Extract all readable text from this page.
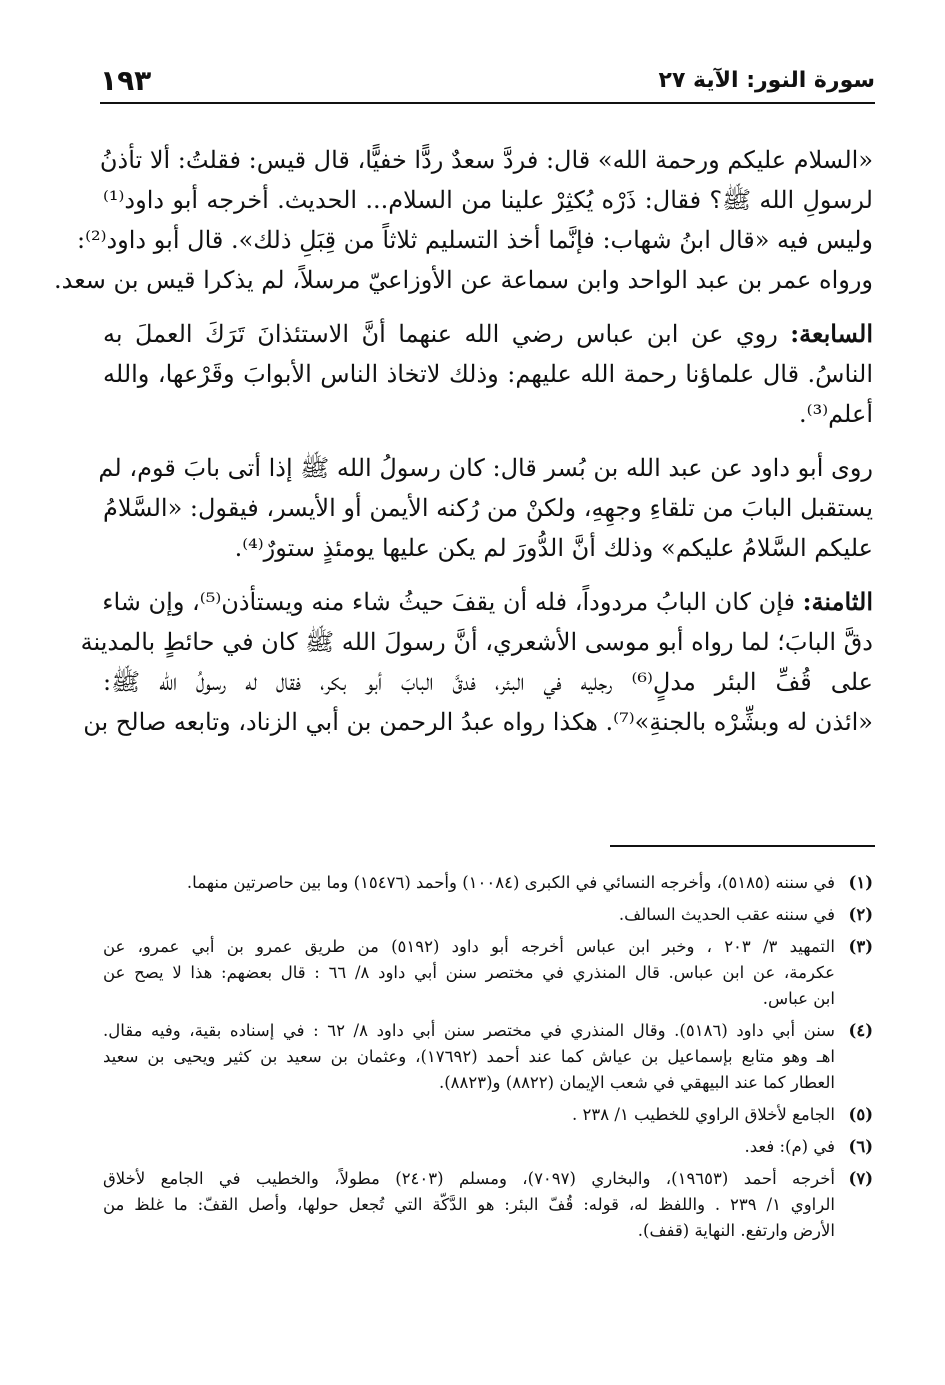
سورة النور: الآية ٢٧
١٩٣
«السلام عليكم ورحمة الله» قال: فردَّ سعدٌ ردًّا خفيًّا، قال قيس: فقلتُ: ألا تأذنُ
لرسولِ الله ﷺ؟ فقال: ذَرْه يُكثِرْ علينا من السلام... الحديث. أخرجه أبو داود⁽¹⁾
وليس فيه «قال ابنُ شهاب: فإنَّما أخذ التسليم ثلاثاً من قِبَلِ ذلك». قال أبو داود⁽²⁾:
ورواه عمر بن عبد الواحد وابن سماعة عن الأوزاعيّ مرسلاً، لم يذكرا قيس بن سعد.
السابعة: روي عن ابن عباس رضي الله عنهما أنَّ الاستئذانَ تَرَكَ العملَ به
الناسُ. قال علماؤنا رحمة الله عليهم: وذلك لاتخاذ الناس الأبوابَ وقَرْعها، والله
أعلم⁽³⁾.
روى أبو داود عن عبد الله بن بُسر قال: كان رسولُ الله ﷺ إذا أتى بابَ قوم، لم
يستقبل البابَ من تلقاءِ وجهِهِ، ولكنْ من رُكنه الأيمن أو الأيسر، فيقول: «السَّلامُ
عليكم السَّلامُ عليكم» وذلك أنَّ الدُّورَ لم يكن عليها يومئذٍ ستورٌ⁽⁴⁾.
الثامنة: فإن كان البابُ مردوداً، فله أن يقفَ حيثُ شاء منه ويستأذن⁽⁵⁾، وإن شاء
دقَّ البابَ؛ لما رواه أبو موسى الأشعري، أنَّ رسولَ الله ﷺ كان في حائطٍ بالمدينة
على قُفِّ البئر مدلٍ⁽⁶⁾ رجليه في البئر، فدقَّ البابَ أبو بكر، فقال له رسولُ الله ﷺ:
«ائذن له وبشِّرْه بالجنةِ»⁽⁷⁾. هكذا رواه عبدُ الرحمن بن أبي الزناد، وتابعه صالح بن
(١)
في سننه (٥١٨٥)، وأخرجه النسائي في الكبرى (١٠٠٨٤) وأحمد (١٥٤٧٦) وما بين حاصرتين منهما.
(٢)
في سننه عقب الحديث السالف.
(٣)
التمهيد ٣/ ٢٠٣ ، وخبر ابن عباس أخرجه أبو داود (٥١٩٢) من طريق عمرو بن أبي عمرو، عن
عكرمة، عن ابن عباس. قال المنذري في مختصر سنن أبي داود ٨/ ٦٦ : قال بعضهم: هذا لا يصح عن
ابن عباس.
(٤)
سنن أبي داود (٥١٨٦). وقال المنذري في مختصر سنن أبي داود ٨/ ٦٢ : في إسناده بقية، وفيه مقال.
اهـ وهو متابع بإسماعيل بن عياش كما عند أحمد (١٧٦٩٢)، وعثمان بن سعيد بن كثير ويحيى بن سعيد
العطار كما عند البيهقي في شعب الإيمان (٨٨٢٢) و(٨٨٢٣).
(٥)
الجامع لأخلاق الراوي للخطيب ١/ ٢٣٨ .
(٦)
في (م): فعد.
(٧)
أخرجه أحمد (١٩٦٥٣)، والبخاري (٧٠٩٧)، ومسلم (٢٤٠٣) مطولاً، والخطيب في الجامع لأخلاق
الراوي ١/ ٢٣٩ . واللفظ له، قوله: قُفّ البئر: هو الدَّكّة التي تُجعل حولها، وأصل القفّ: ما غلظ من
الأرض وارتفع. النهاية (قفف).
